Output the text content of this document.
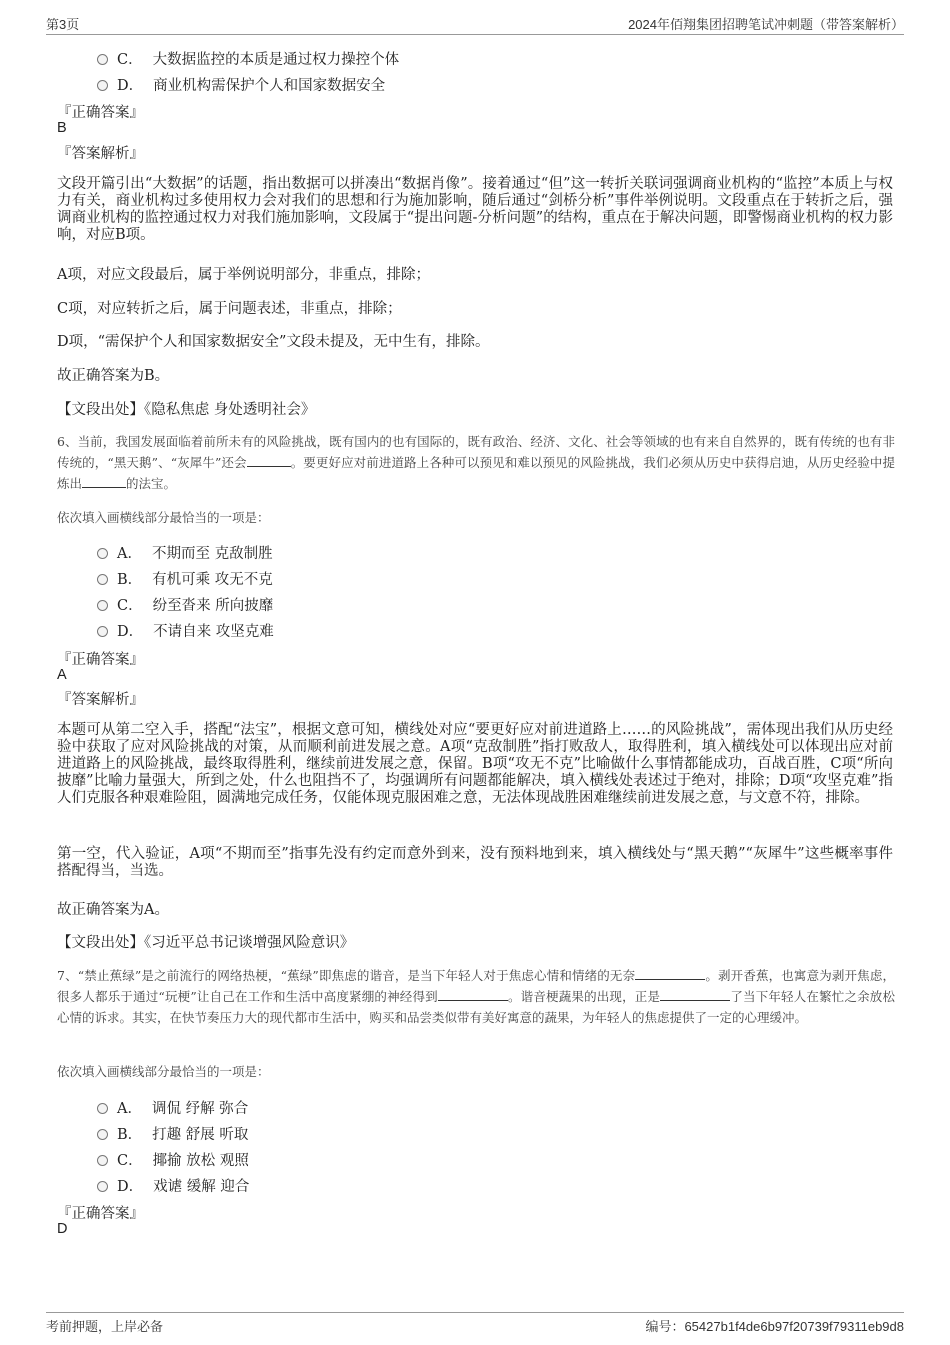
第3页	2024年佰翔集团招聘笔试冲刺题（带答案解析）
C． 大数据监控的本质是通过权力操控个体
D． 商业机构需保护个人和国家数据安全
『正确答案』
B
『答案解析』
文段开篇引出“大数据”的话题，指出数据可以拼凑出“数据肖像”。接着通过“但”这一转折关联词强调商业机构的“监控”本质上与权力有关，商业机构过多使用权力会对我们的思想和行为施加影响，随后通过“剑桥分析”事件举例说明。文段重点在于转折之后，强调商业机构的监控通过权力对我们施加影响，文段属于“提出问题-分析问题”的结构，重点在于解决问题，即警惕商业机构的权力影响，对应B项。
A项，对应文段最后，属于举例说明部分，非重点，排除；
C项，对应转折之后，属于问题表述，非重点，排除；
D项，“需保护个人和国家数据安全”文段未提及，无中生有，排除。
故正确答案为B。
【文段出处】《隐私焦虑 身处透明社会》
6、当前，我国发展面临着前所未有的风险挑战，既有国内的也有国际的，既有政治、经济、文化、社会等领域的也有来自自然界的，既有传统的也有非传统的，“黑天鹅”、“灰犀牛”还会	。要更好应对前进道路上各种可以预见和难以预见的风险挑战，我们必须从历史中获得启迪，从历史经验中提炼出	的法宝。
依次填入画横线部分最恰当的一项是：
A． 不期而至 克敌制胜
B． 有机可乘 攻无不克
C． 纷至沓来 所向披靡
D． 不请自来 攻坚克难
『正确答案』
A
『答案解析』
本题可从第二空入手，搭配“法宝”，根据文意可知，横线处对应“要更好应对前进道路上……的风险挑战”，需体现出我们从历史经验中获取了应对风险挑战的对策，从而顺利前进发展之意。A项“克敌制胜”指打败敌人，取得胜利，填入横线处可以体现出应对前进道路上的风险挑战，最终取得胜利，继续前进发展之意，保留。B项“攻无不克”比喻做什么事情都能成功，百战百胜，C项“所向披靡”比喻力量强大，所到之处，什么也阻挡不了，均强调所有问题都能解决，填入横线处表述过于绝对，排除；D项“攻坚克难”指人们克服各种艰难险阻，圆满地完成任务，仅能体现克服困难之意，无法体现战胜困难继续前进发展之意，与文意不符，排除。
第一空，代入验证，A项“不期而至”指事先没有约定而意外到来，没有预料地到来，填入横线处与“黑天鹅”“灰犀牛”这些概率事件搭配得当，当选。
故正确答案为A。
【文段出处】《习近平总书记谈增强风险意识》
7、“禁止蕉绿”是之前流行的网络热梗，“蕉绿”即焦虑的谐音，是当下年轻人对于焦虑心情和情绪的无奈	。剥开香蕉，也寓意为剥开焦虑，很多人都乐于通过“玩梗”让自己在工作和生活中高度紧绷的神经得到	。谐音梗蔬果的出现，正是	了当下年轻人在繁忙之余放松心情的诉求。其实，在快节奏压力大的现代都市生活中，购买和品尝类似带有美好寓意的蔬果，为年轻人的焦虑提供了一定的心理缓冲。
依次填入画横线部分最恰当的一项是：
A． 调侃 纾解 弥合
B． 打趣 舒展 听取
C． 揶揄 放松 观照
D． 戏谑 缓解 迎合
『正确答案』
D
考前押题，上岸必备	编号：65427b1f4de6b97f20739f79311eb9d8
